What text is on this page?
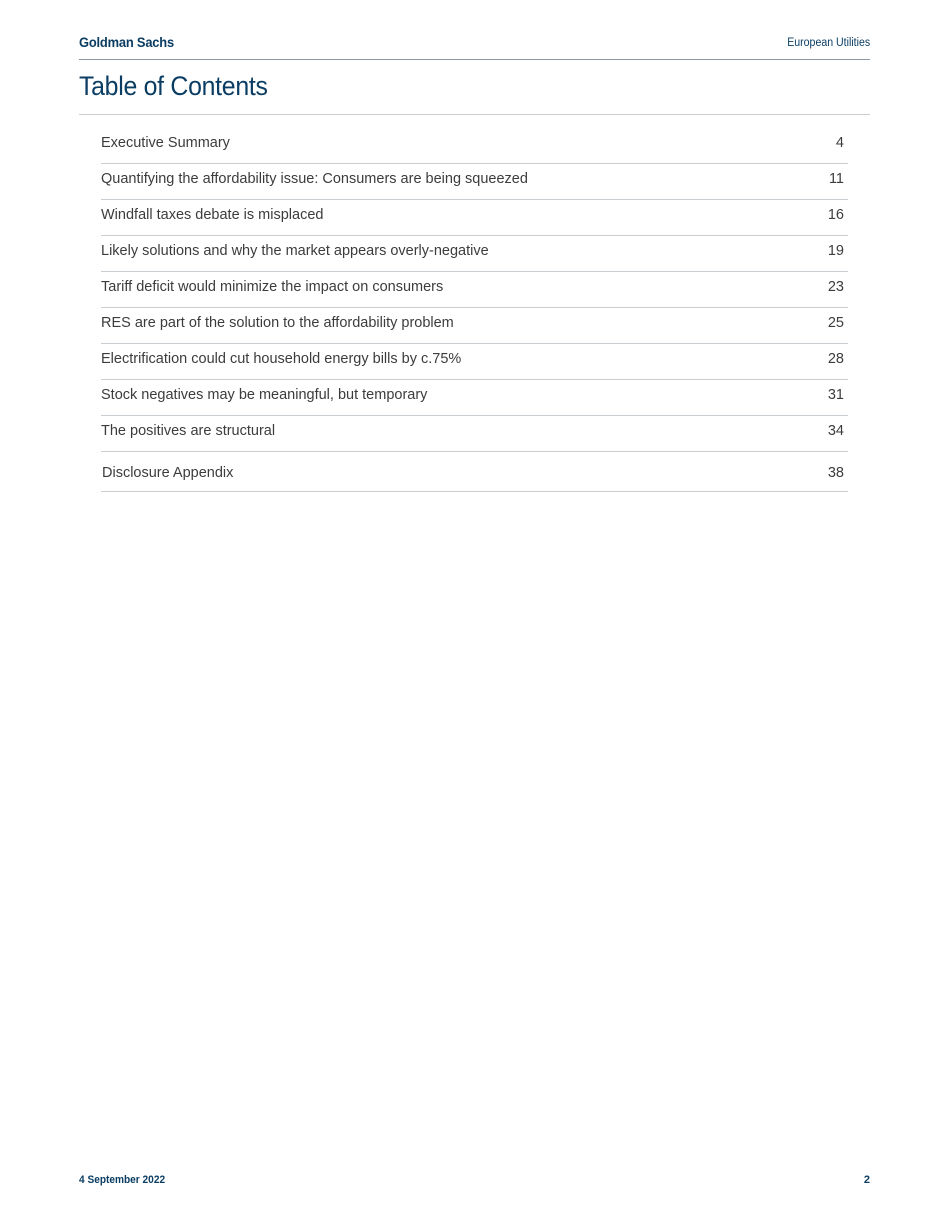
Goldman Sachs	European Utilities
Table of Contents
Executive Summary	4
Quantifying the affordability issue: Consumers are being squeezed	11
Windfall taxes debate is misplaced	16
Likely solutions and why the market appears overly-negative	19
Tariff deficit would minimize the impact on consumers	23
RES are part of the solution to the affordability problem	25
Electrification could cut household energy bills by c.75%	28
Stock negatives may be meaningful, but temporary	31
The positives are structural	34
Disclosure Appendix	38
4 September 2022	2
